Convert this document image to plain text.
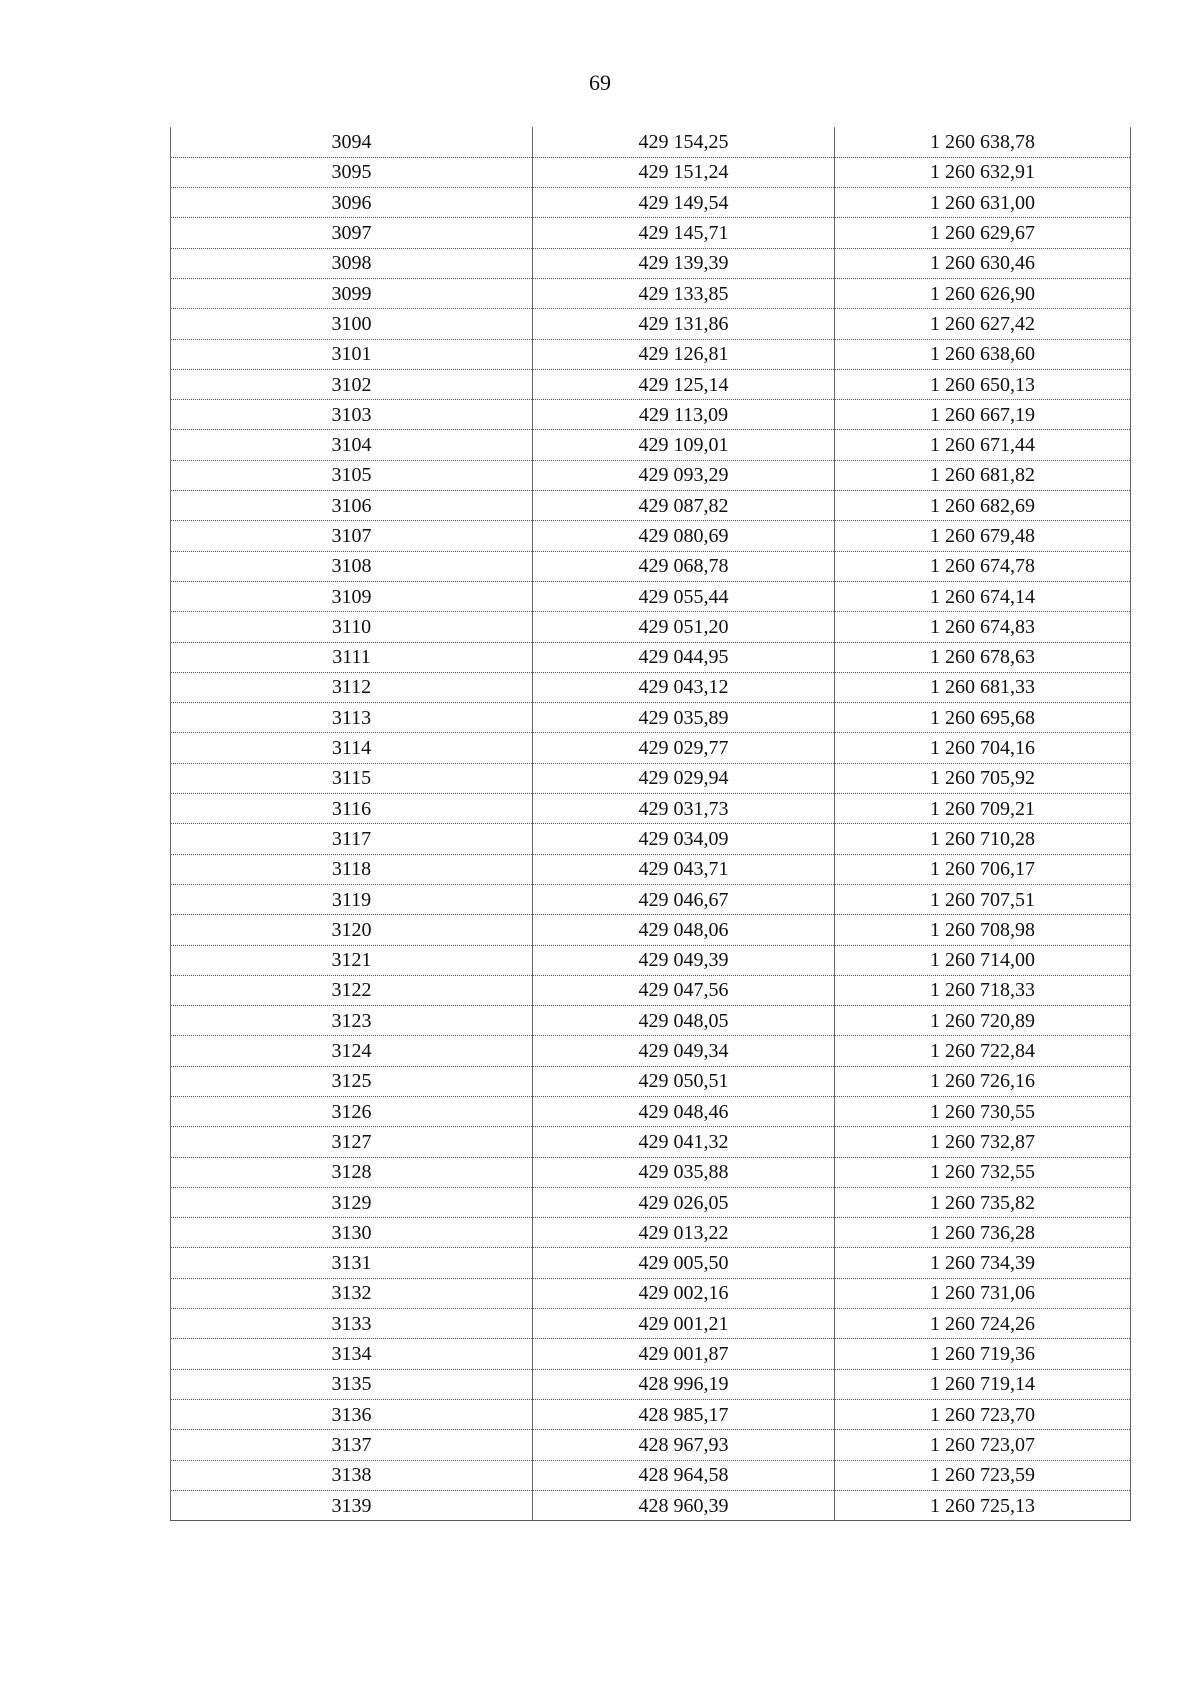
69
3094	429 154,25	1 260 638,78
3095	429 151,24	1 260 632,91
3096	429 149,54	1 260 631,00
3097	429 145,71	1 260 629,67
3098	429 139,39	1 260 630,46
3099	429 133,85	1 260 626,90
3100	429 131,86	1 260 627,42
3101	429 126,81	1 260 638,60
3102	429 125,14	1 260 650,13
3103	429 113,09	1 260 667,19
3104	429 109,01	1 260 671,44
3105	429 093,29	1 260 681,82
3106	429 087,82	1 260 682,69
3107	429 080,69	1 260 679,48
3108	429 068,78	1 260 674,78
3109	429 055,44	1 260 674,14
3110	429 051,20	1 260 674,83
3111	429 044,95	1 260 678,63
3112	429 043,12	1 260 681,33
3113	429 035,89	1 260 695,68
3114	429 029,77	1 260 704,16
3115	429 029,94	1 260 705,92
3116	429 031,73	1 260 709,21
3117	429 034,09	1 260 710,28
3118	429 043,71	1 260 706,17
3119	429 046,67	1 260 707,51
3120	429 048,06	1 260 708,98
3121	429 049,39	1 260 714,00
3122	429 047,56	1 260 718,33
3123	429 048,05	1 260 720,89
3124	429 049,34	1 260 722,84
3125	429 050,51	1 260 726,16
3126	429 048,46	1 260 730,55
3127	429 041,32	1 260 732,87
3128	429 035,88	1 260 732,55
3129	429 026,05	1 260 735,82
3130	429 013,22	1 260 736,28
3131	429 005,50	1 260 734,39
3132	429 002,16	1 260 731,06
3133	429 001,21	1 260 724,26
3134	429 001,87	1 260 719,36
3135	428 996,19	1 260 719,14
3136	428 985,17	1 260 723,70
3137	428 967,93	1 260 723,07
3138	428 964,58	1 260 723,59
3139	428 960,39	1 260 725,13
